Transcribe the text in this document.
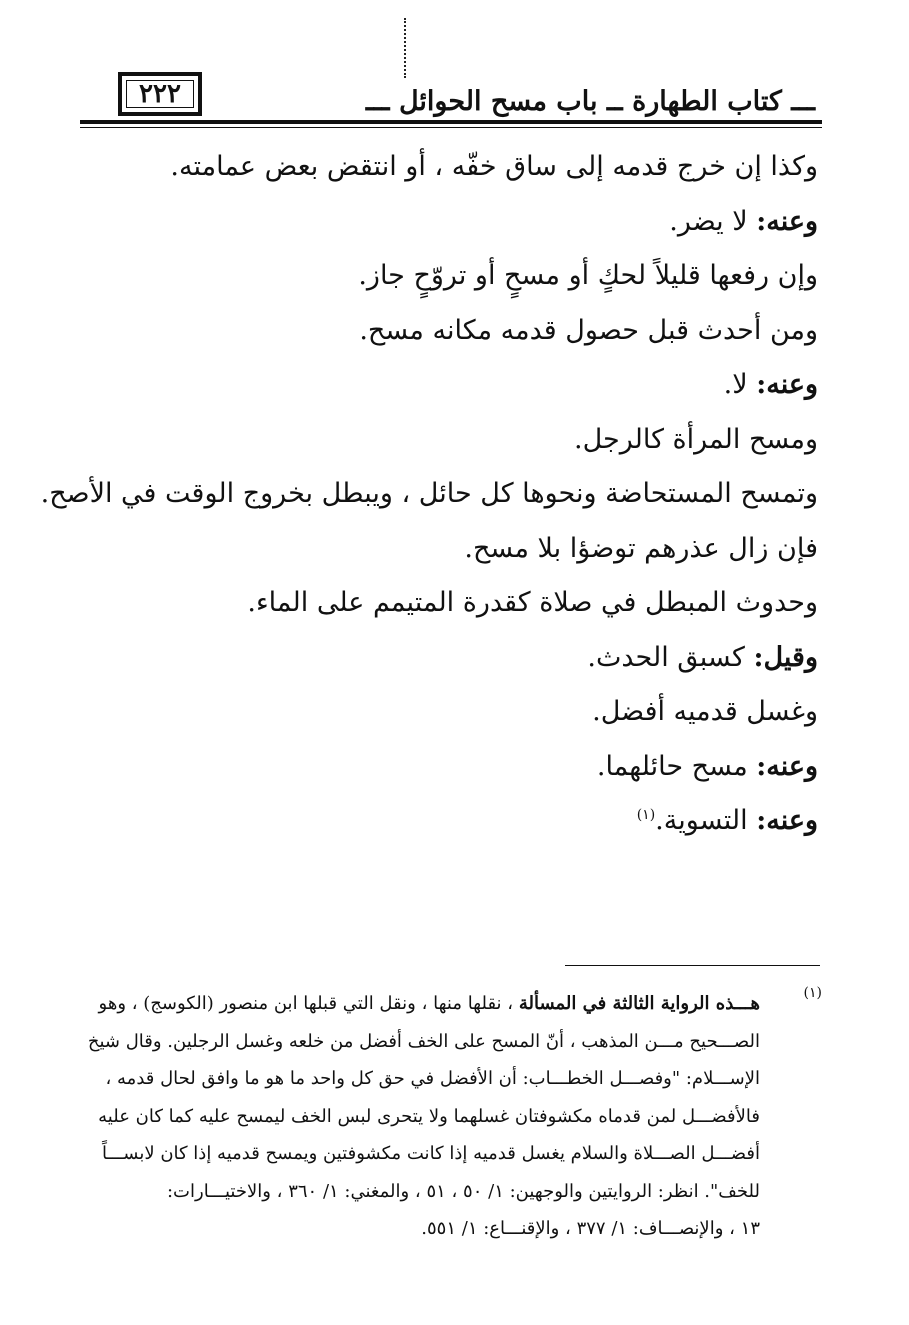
٢٢٢	ـــ كتاب الطهارة ــ باب مسح الحوائل ـــ
وكذا إن خرج قدمه إلى ساق خفّه ، أو انتقض بعض عمامته.
وعنه: لا يضر.
وإن رفعها قليلاً لحكٍ أو مسحٍ أو تروّحٍ جاز.
ومن أحدث قبل حصول قدمه مكانه مسح.
وعنه: لا.
ومسح المرأة كالرجل.
وتمسح المستحاضة ونحوها كل حائل ، ويبطل بخروج الوقت في الأصح.
فإن زال عذرهم توضؤا بلا مسح.
وحدوث المبطل في صلاة كقدرة المتيمم على الماء.
وقيل: كسبق الحدث.
وغسل قدميه أفضل.
وعنه: مسح حائلهما.
وعنه: التسوية.$^{(١)}$
(١)
هـــذه الرواية الثالثة في المسألة ، نقلها منها ، ونقل التي قبلها ابن منصور (الكوسج) ، وهو
الصـــحيح مـــن المذهب ، أنّ المسح على الخف أفضل من خلعه وغسل الرجلين. وقال شيخ
الإســـلام: "وفصـــل الخطـــاب: أن الأفضل في حق كل واحد ما هو ما وافق لحال قدمه ،
فالأفضـــل لمن قدماه مكشوفتان غسلهما ولا يتحرى لبس الخف ليمسح عليه كما كان عليه
أفضـــل الصـــلاة والسلام يغسل قدميه إذا كانت مكشوفتين ويمسح قدميه إذا كان لابســـاً
للخف". انظر: الروايتين والوجهين: ١/ ٥٠ ، ٥١ ، والمغني: ١/ ٣٦٠ ، والاختيـــارات:
١٣ ، والإنصـــاف: ١/ ٣٧٧ ، والإقنـــاع: ١/ ٥٥١.
